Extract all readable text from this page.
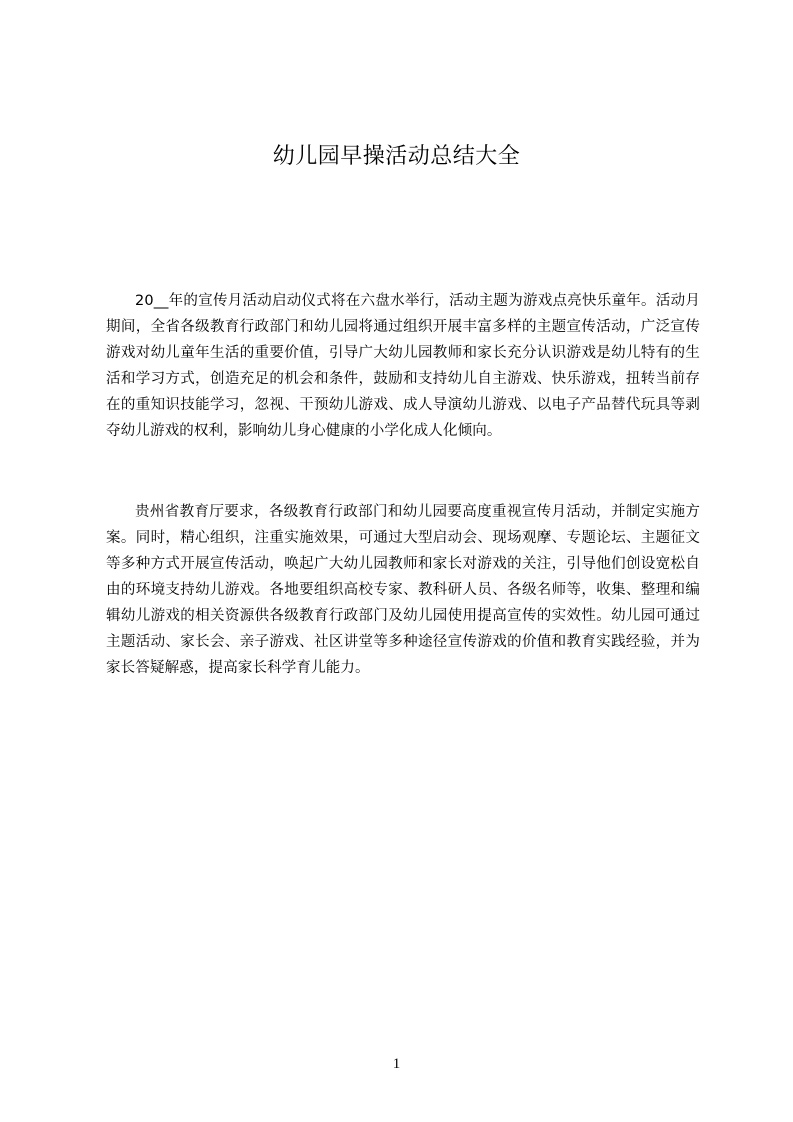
幼儿园早操活动总结大全

20__年的宣传月活动启动仪式将在六盘水举行，活动主题为游戏点亮快乐童年。活动月期间，全省各级教育行政部门和幼儿园将通过组织开展丰富多样的主题宣传活动，广泛宣传游戏对幼儿童年生活的重要价值，引导广大幼儿园教师和家长充分认识游戏是幼儿特有的生活和学习方式，创造充足的机会和条件，鼓励和支持幼儿自主游戏、快乐游戏，扭转当前存在的重知识技能学习，忽视、干预幼儿游戏、成人导演幼儿游戏、以电子产品替代玩具等剥夺幼儿游戏的权利，影响幼儿身心健康的小学化成人化倾向。

贵州省教育厅要求，各级教育行政部门和幼儿园要高度重视宣传月活动，并制定实施方案。同时，精心组织，注重实施效果，可通过大型启动会、现场观摩、专题论坛、主题征文等多种方式开展宣传活动，唤起广大幼儿园教师和家长对游戏的关注，引导他们创设宽松自由的环境支持幼儿游戏。各地要组织高校专家、教科研人员、各级名师等，收集、整理和编辑幼儿游戏的相关资源供各级教育行政部门及幼儿园使用提高宣传的实效性。幼儿园可通过主题活动、家长会、亲子游戏、社区讲堂等多种途径宣传游戏的价值和教育实践经验，并为家长答疑解惑，提高家长科学育儿能力。

1
